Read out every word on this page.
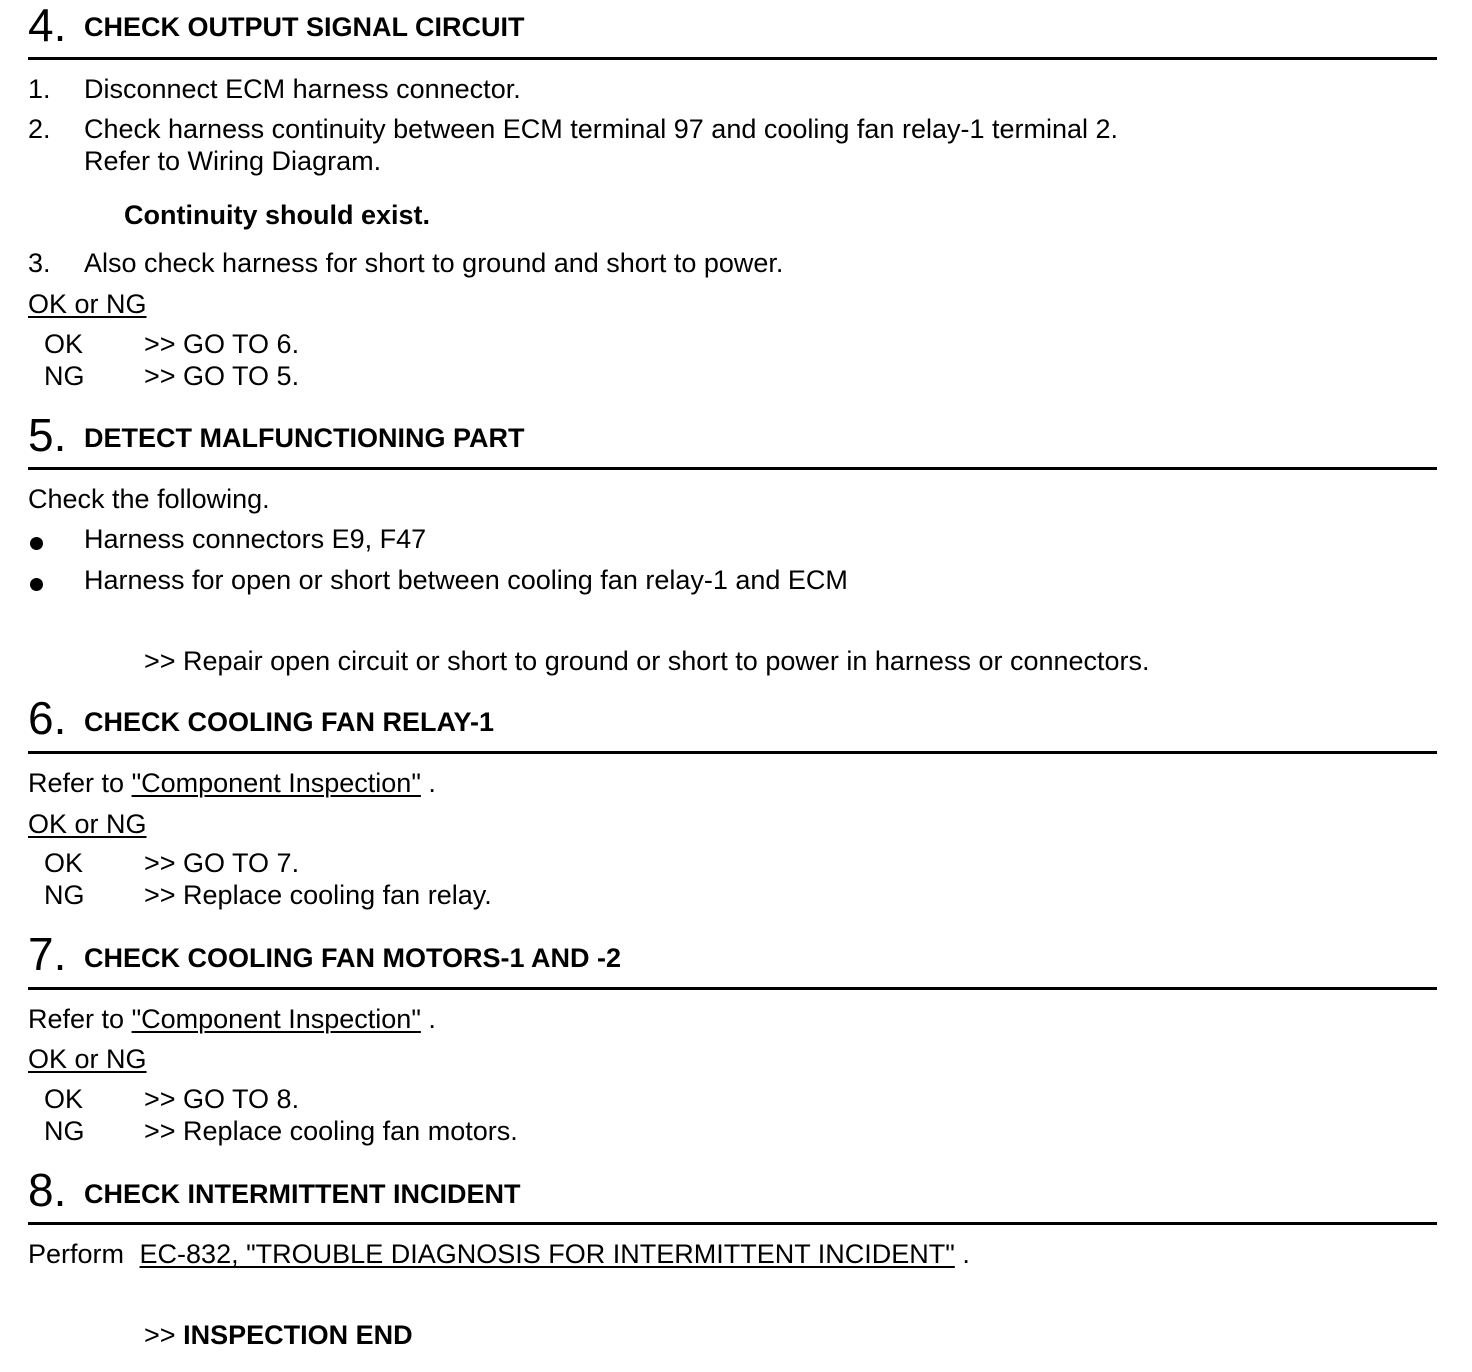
4. CHECK OUTPUT SIGNAL CIRCUIT
1. Disconnect ECM harness connector.
2. Check harness continuity between ECM terminal 97 and cooling fan relay-1 terminal 2.
Refer to Wiring Diagram.
Continuity should exist.
3. Also check harness for short to ground and short to power.
OK or NG
OK >> GO TO 6.
NG >> GO TO 5.
5. DETECT MALFUNCTIONING PART
Check the following.
Harness connectors E9, F47
Harness for open or short between cooling fan relay-1 and ECM
>> Repair open circuit or short to ground or short to power in harness or connectors.
6. CHECK COOLING FAN RELAY-1
Refer to "Component Inspection" .
OK or NG
OK >> GO TO 7.
NG >> Replace cooling fan relay.
7. CHECK COOLING FAN MOTORS-1 AND -2
Refer to "Component Inspection" .
OK or NG
OK >> GO TO 8.
NG >> Replace cooling fan motors.
8. CHECK INTERMITTENT INCIDENT
Perform EC-832, "TROUBLE DIAGNOSIS FOR INTERMITTENT INCIDENT" .
>> INSPECTION END
